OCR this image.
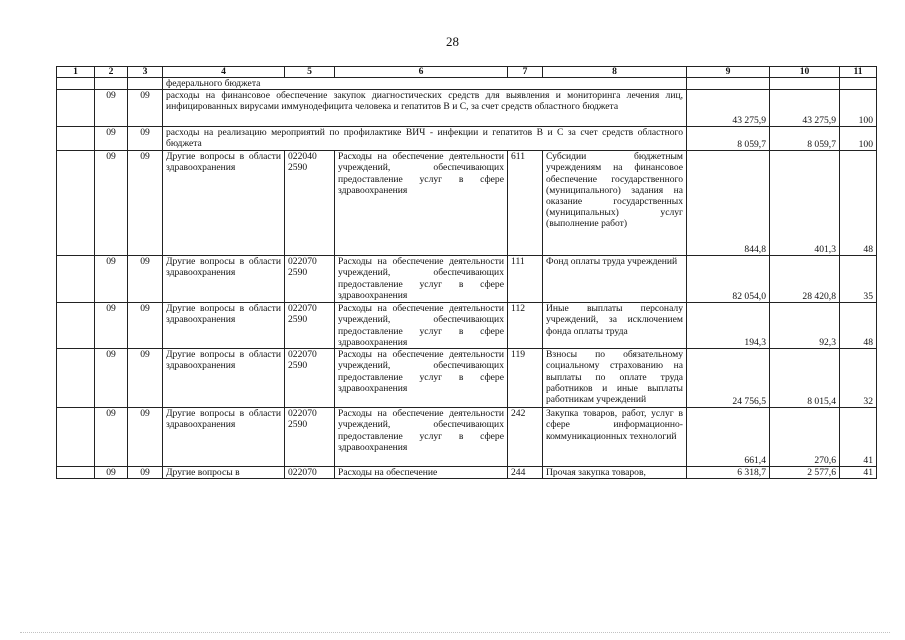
28
1	2	3	4	5	6	7	8	9	10	11
			федерального бюджета							
	09	09	расходы на финансовое обеспечение закупок диагностических средств для выявления и мониторинга лечения лиц, инфицированных вирусами иммунодефицита человека и гепатитов В и С, за счет средств областного бюджета					43 275,9	43 275,9	100
	09	09	расходы на реализацию мероприятий по профилактике ВИЧ - инфекции и гепатитов В и С за счет средств областного бюджета					8 059,7	8 059,7	100
	09	09	Другие вопросы в области здравоохранения	022040 2590	Расходы на обеспечение деятельности учреждений, обеспечивающих предоставление услуг в сфере здравоохранения	611	Субсидии бюджетным учреждениям на финансовое обеспечение государственного (муниципального) задания на оказание государственных (муниципальных) услуг (выполнение работ)	844,8	401,3	48
	09	09	Другие вопросы в области здравоохранения	022070 2590	Расходы на обеспечение деятельности учреждений, обеспечивающих предоставление услуг в сфере здравоохранения	111	Фонд оплаты труда учреждений	82 054,0	28 420,8	35
	09	09	Другие вопросы в области здравоохранения	022070 2590	Расходы на обеспечение деятельности учреждений, обеспечивающих предоставление услуг в сфере здравоохранения	112	Иные выплаты персоналу учреждений, за исключением фонда оплаты труда	194,3	92,3	48
	09	09	Другие вопросы в области здравоохранения	022070 2590	Расходы на обеспечение деятельности учреждений, обеспечивающих предоставление услуг в сфере здравоохранения	119	Взносы по обязательному социальному страхованию на выплаты по оплате труда работников и иные выплаты работникам учреждений	24 756,5	8 015,4	32
	09	09	Другие вопросы в области здравоохранения	022070 2590	Расходы на обеспечение деятельности учреждений, обеспечивающих предоставление услуг в сфере здравоохранения	242	Закупка товаров, работ, услуг в сфере информационно-коммуникационных технологий	661,4	270,6	41
	09	09	Другие вопросы в	022070	Расходы на обеспечение	244	Прочая закупка товаров,	6 318,7	2 577,6	41
